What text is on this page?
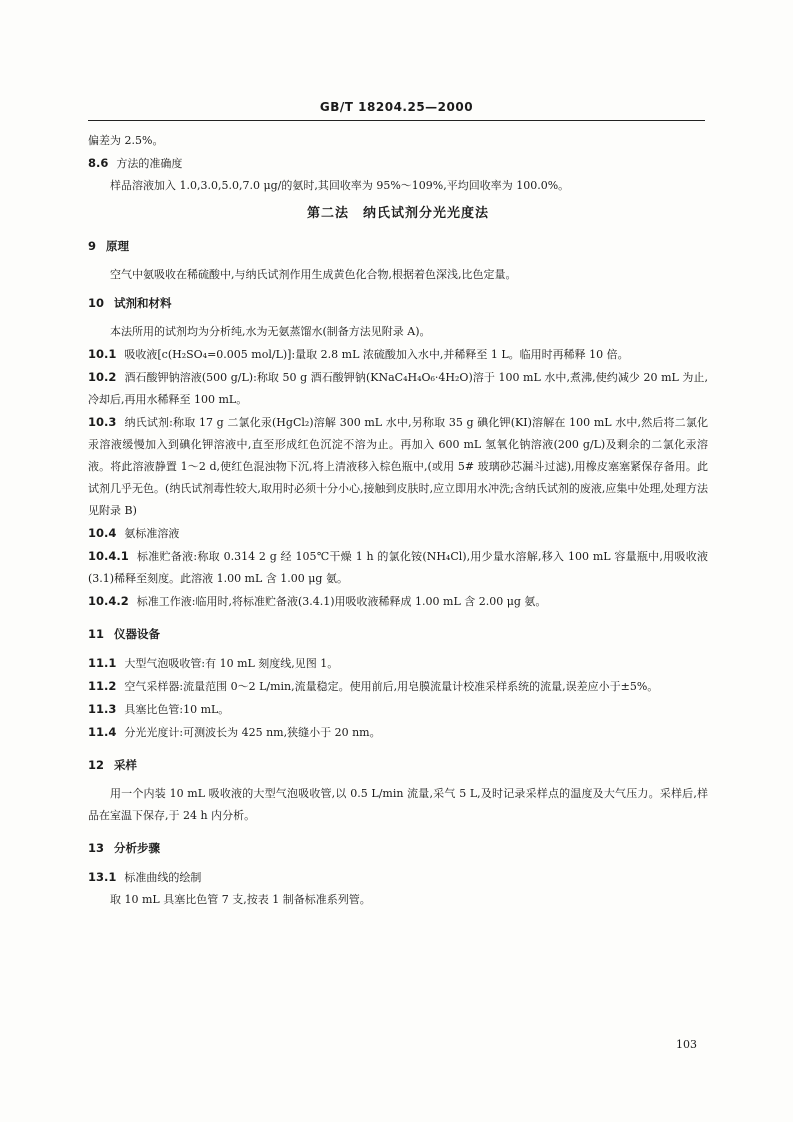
GB/T 18204.25—2000

偏差为 2.5%。

8.6 方法的准确度

样品溶液加入 1.0,3.0,5.0,7.0 μg/的氨时,其回收率为 95%～109%,平均回收率为 100.0%。

第二法　纳氏试剂分光光度法

9 原理

空气中氨吸收在稀硫酸中,与纳氏试剂作用生成黄色化合物,根据着色深浅,比色定量。

10 试剂和材料

本法所用的试剂均为分析纯,水为无氨蒸馏水(制备方法见附录 A)。

10.1 吸收液[c(H₂SO₄=0.005 mol/L)]:量取 2.8 mL 浓硫酸加入水中,并稀释至 1 L。临用时再稀释 10 倍。

10.2 酒石酸钾钠溶液(500 g/L):称取 50 g 酒石酸钾钠(KNaC₄H₄O₆·4H₂O)溶于 100 mL 水中,煮沸,使约减少 20 mL 为止,冷却后,再用水稀释至 100 mL。

10.3 纳氏试剂:称取 17 g 二氯化汞(HgCl₂)溶解 300 mL 水中,另称取 35 g 碘化钾(KI)溶解在 100 mL 水中,然后将二氯化汞溶液缓慢加入到碘化钾溶液中,直至形成红色沉淀不溶为止。再加入 600 mL 氢氧化钠溶液(200 g/L)及剩余的二氯化汞溶液。将此溶液静置 1～2 d,使红色混浊物下沉,将上清液移入棕色瓶中,(或用 5# 玻璃砂芯漏斗过滤),用橡皮塞塞紧保存备用。此试剂几乎无色。(纳氏试剂毒性较大,取用时必须十分小心,接触到皮肤时,应立即用水冲洗;含纳氏试剂的废液,应集中处理,处理方法见附录 B)

10.4 氨标准溶液

10.4.1 标准贮备液:称取 0.314 2 g 经 105℃干燥 1 h 的氯化铵(NH₄Cl),用少量水溶解,移入 100 mL 容量瓶中,用吸收液(3.1)稀释至刻度。此溶液 1.00 mL 含 1.00 μg 氨。

10.4.2 标准工作液:临用时,将标准贮备液(3.4.1)用吸收液稀释成 1.00 mL 含 2.00 μg 氨。

11 仪器设备

11.1 大型气泡吸收管:有 10 mL 刻度线,见图 1。

11.2 空气采样器:流量范围 0～2 L/min,流量稳定。使用前后,用皂膜流量计校准采样系统的流量,误差应小于±5%。

11.3 具塞比色管:10 mL。

11.4 分光光度计:可测波长为 425 nm,狭缝小于 20 nm。

12 采样

用一个内装 10 mL 吸收液的大型气泡吸收管,以 0.5 L/min 流量,采气 5 L,及时记录采样点的温度及大气压力。采样后,样品在室温下保存,于 24 h 内分析。

13 分析步骤

13.1 标准曲线的绘制

取 10 mL 具塞比色管 7 支,按表 1 制备标准系列管。

103
